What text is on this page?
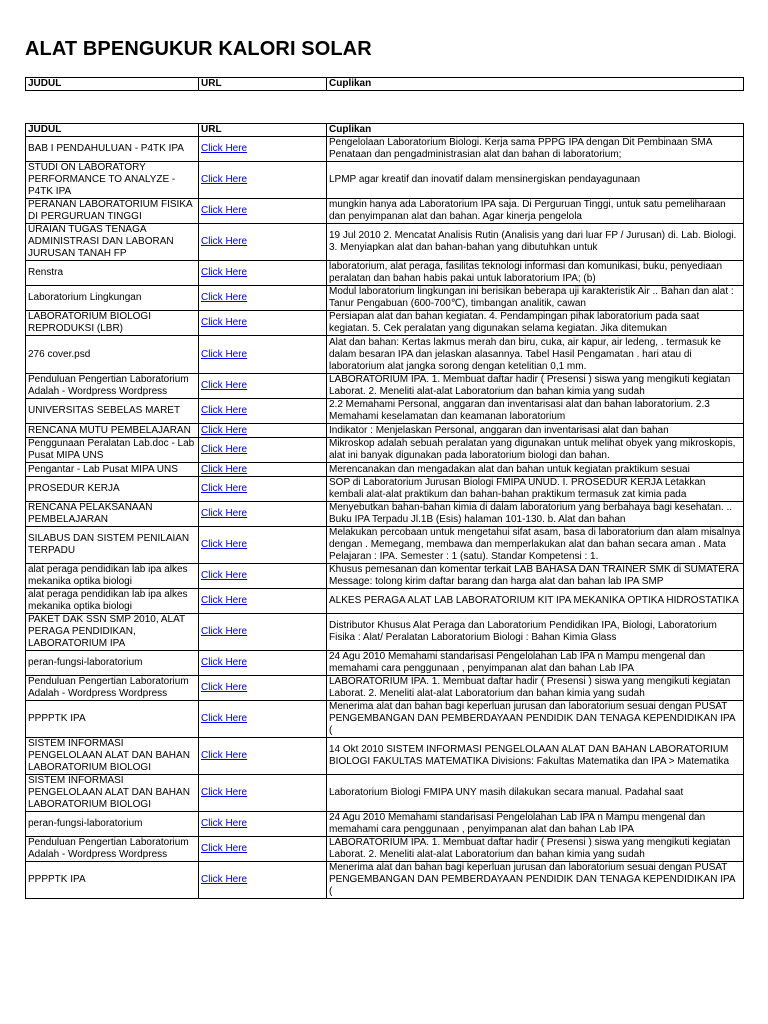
ALAT BPENGUKUR KALORI SOLAR
JUDUL	URL	Cuplikan
JUDUL	URL	Cuplikan
BAB I PENDAHULUAN - P4TK IPA	Click Here	Pengelolaan Laboratorium Biologi. Kerja sama PPPG IPA dengan Dit Pembinaan SMA Penataan dan pengadministrasian alat dan bahan di laboratorium;
STUDI ON LABORATORY PERFORMANCE TO ANALYZE - P4TK IPA	Click Here	LPMP agar kreatif dan inovatif dalam mensinergiskan pendayagunaan
PERANAN LABORATORIUM FISIKA DI PERGURUAN TINGGI	Click Here	mungkin hanya ada Laboratorium IPA saja. Di Perguruan Tinggi, untuk satu pemeliharaan dan penyimpanan alat dan bahan. Agar kinerja pengelola
URAIAN TUGAS TENAGA ADMINISTRASI DAN LABORAN JURUSAN TANAH FP	Click Here	19 Jul 2010 2. Mencatat Analisis Rutin (Analisis yang dari luar FP / Jurusan) di. Lab. Biologi. 3. Menyiapkan alat dan bahan-bahan yang dibutuhkan untuk
Renstra	Click Here	laboratorium, alat peraga, fasilitas teknologi informasi dan komunikasi, buku, penyediaan peralatan dan bahan habis pakai untuk laboratorium IPA; (b)
Laboratorium Lingkungan	Click Here	Modul laboratorium lingkungan ini berisikan beberapa uji karakteristik Air .. Bahan dan alat : Tanur Pengabuan (600-700℃), timbangan analitik, cawan
LABORATORIUM BIOLOGI REPRODUKSI (LBR)	Click Here	Persiapan alat dan bahan kegiatan. 4. Pendampingan pihak laboratorium pada saat kegiatan. 5. Cek peralatan yang digunakan selama kegiatan. Jika ditemukan
276 cover.psd	Click Here	Alat dan bahan: Kertas lakmus merah dan biru, cuka, air kapur, air ledeng, . termasuk ke dalam besaran IPA dan jelaskan alasannya. Tabel Hasil Pengamatan . hari atau di laboratorium alat jangka sorong dengan ketelitian 0,1 mm.
Penduluan Pengertian Laboratorium Adalah - Wordpress Wordpress	Click Here	LABORATORIUM IPA. 1. Membuat daftar hadir ( Presensi ) siswa yang mengikuti kegiatan Laborat. 2. Meneliti alat-alat Laboratorium dan bahan kimia yang sudah
UNIVERSITAS SEBELAS MARET	Click Here	2.2 Memahami Personal, anggaran dan inventarisasi alat dan bahan laboratorium. 2.3 Memahami keselamatan dan keamanan laboratorium
RENCANA MUTU PEMBELAJARAN	Click Here	Indikator : Menjelaskan Personal, anggaran dan inventarisasi alat dan bahan
Penggunaan Peralatan Lab.doc - Lab Pusat MIPA UNS	Click Here	Mikroskop adalah sebuah peralatan yang digunakan untuk melihat obyek yang mikroskopis, alat ini banyak digunakan pada laboratorium biologi dan bahan.
Pengantar - Lab Pusat MIPA UNS	Click Here	Merencanakan dan mengadakan alat dan bahan untuk kegiatan praktikum sesuai
PROSEDUR KERJA	Click Here	SOP di Laboratorium Jurusan Biologi FMIPA UNUD. I. PROSEDUR KERJA Letakkan kembali alat-alat praktikum dan bahan-bahan praktikum termasuk zat kimia pada
RENCANA PELAKSANAAN PEMBELAJARAN	Click Here	Menyebutkan bahan-bahan kimia di dalam laboratorium yang berbahaya bagi kesehatan. .. Buku IPA Terpadu Jl.1B (Esis) halaman 101-130. b. Alat dan bahan
SILABUS DAN SISTEM PENILAIAN TERPADU	Click Here	Melakukan percobaan untuk mengetahui sifat asam, basa di laboratorium dan alam misalnya dengan . Memegang, membawa dan memperlakukan alat dan bahan secara aman . Mata Pelajaran : IPA. Semester : 1 (satu). Standar Kompetensi : 1.
alat peraga pendidikan lab ipa alkes mekanika optika biologi	Click Here	Khusus pemesanan dan komentar terkait LAB BAHASA DAN TRAINER SMK di SUMATERA Message: tolong kirim daftar barang dan harga alat dan bahan lab IPA SMP
alat peraga pendidikan lab ipa alkes mekanika optika biologi	Click Here	ALKES PERAGA ALAT LAB LABORATORIUM KIT IPA MEKANIKA OPTIKA HIDROSTATIKA
PAKET DAK SSN SMP 2010, ALAT PERAGA PENDIDIKAN, LABORATORIUM IPA	Click Here	Distributor Khusus Alat Peraga dan Laboratorium Pendidikan IPA, Biologi, Laboratorium Fisika : Alat/ Peralatan Laboratorium Biologi : Bahan Kimia Glass
peran-fungsi-laboratorium	Click Here	24 Agu 2010 Memahami standarisasi Pengelolahan Lab IPA n Mampu mengenal dan memahami cara penggunaan , penyimpanan alat dan bahan Lab IPA
Penduluan Pengertian Laboratorium Adalah - Wordpress Wordpress	Click Here	LABORATORIUM IPA. 1. Membuat daftar hadir ( Presensi ) siswa yang mengikuti kegiatan Laborat. 2. Meneliti alat-alat Laboratorium dan bahan kimia yang sudah
PPPPTK IPA	Click Here	Menerima alat dan bahan bagi keperluan jurusan dan laboratorium sesuai dengan PUSAT PENGEMBANGAN DAN PEMBERDAYAAN PENDIDIK DAN TENAGA KEPENDIDIKAN IPA (
SISTEM INFORMASI PENGELOLAAN ALAT DAN BAHAN LABORATORIUM BIOLOGI	Click Here	14 Okt 2010 SISTEM INFORMASI PENGELOLAAN ALAT DAN BAHAN LABORATORIUM BIOLOGI FAKULTAS MATEMATIKA Divisions: Fakultas Matematika dan IPA > Matematika
SISTEM INFORMASI PENGELOLAAN ALAT DAN BAHAN LABORATORIUM BIOLOGI	Click Here	Laboratorium Biologi FMIPA UNY masih dilakukan secara manual. Padahal saat
peran-fungsi-laboratorium	Click Here	24 Agu 2010 Memahami standarisasi Pengelolahan Lab IPA n Mampu mengenal dan memahami cara penggunaan , penyimpanan alat dan bahan Lab IPA
Penduluan Pengertian Laboratorium Adalah - Wordpress Wordpress	Click Here	LABORATORIUM IPA. 1. Membuat daftar hadir ( Presensi ) siswa yang mengikuti kegiatan Laborat. 2. Meneliti alat-alat Laboratorium dan bahan kimia yang sudah
PPPPTK IPA	Click Here	Menerima alat dan bahan bagi keperluan jurusan dan laboratorium sesuai dengan PUSAT PENGEMBANGAN DAN PEMBERDAYAAN PENDIDIK DAN TENAGA KEPENDIDIKAN IPA (
